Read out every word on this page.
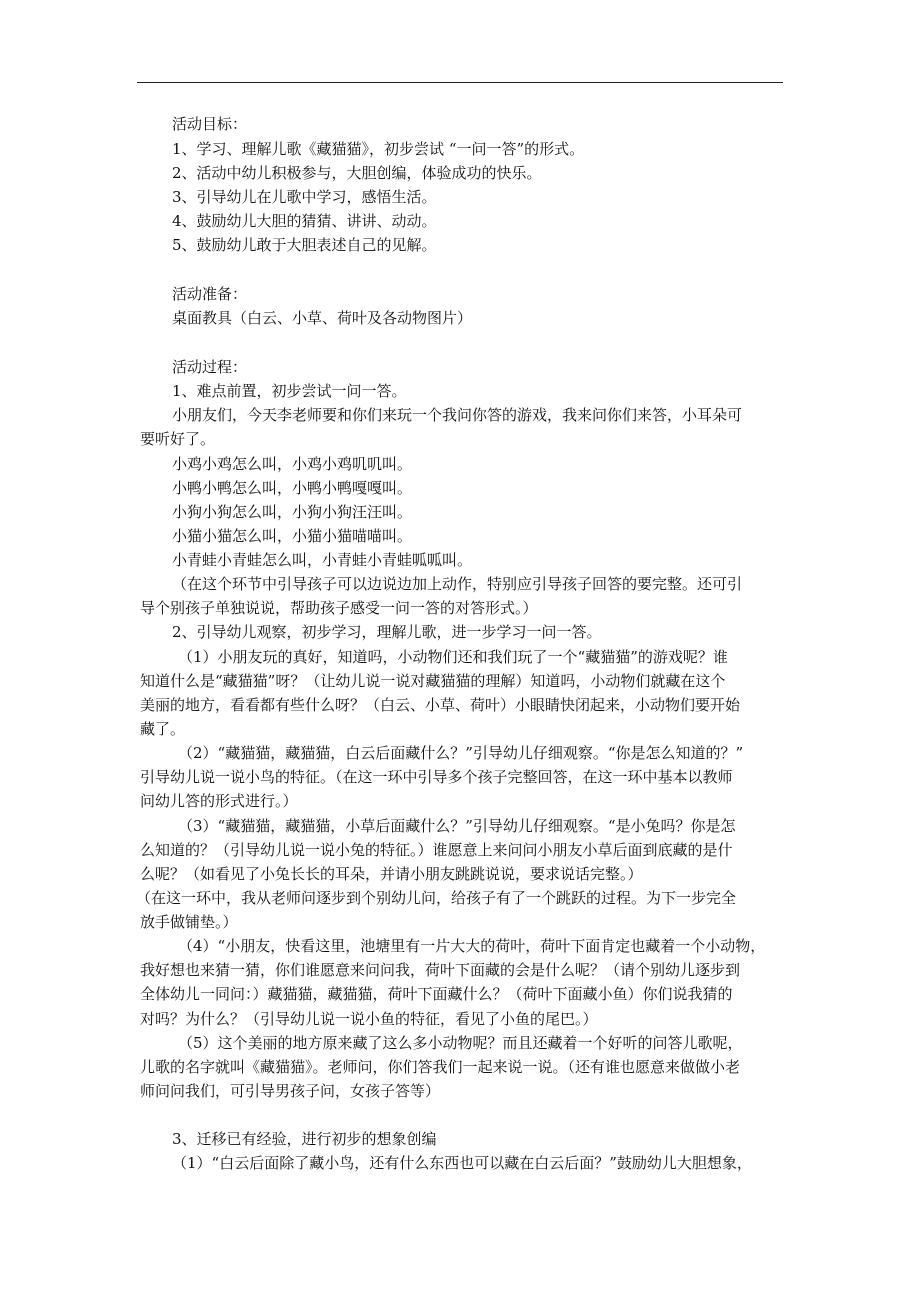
活动目标：
1、学习、理解儿歌《藏猫猫》，初步尝试 “一问一答”的形式。
2、活动中幼儿积极参与，大胆创编，体验成功的快乐。
3、引导幼儿在儿歌中学习，感悟生活。
4、鼓励幼儿大胆的猜猜、讲讲、动动。
5、鼓励幼儿敢于大胆表述自己的见解。
活动准备：
桌面教具（白云、小草、荷叶及各动物图片）
活动过程：
1、难点前置，初步尝试一问一答。
小朋友们，今天李老师要和你们来玩一个我问你答的游戏，我来问你们来答，小耳朵可
要听好了。
小鸡小鸡怎么叫，小鸡小鸡叽叽叫。
小鸭小鸭怎么叫，小鸭小鸭嘎嘎叫。
小狗小狗怎么叫，小狗小狗汪汪叫。
小猫小猫怎么叫，小猫小猫喵喵叫。
小青蛙小青蛙怎么叫，小青蛙小青蛙呱呱叫。
（在这个环节中引导孩子可以边说边加上动作，特别应引导孩子回答的要完整。还可引
导个别孩子单独说说，帮助孩子感受一问一答的对答形式。）
2、引导幼儿观察，初步学习，理解儿歌，进一步学习一问一答。
（1）小朋友玩的真好，知道吗，小动物们还和我们玩了一个“藏猫猫”的游戏呢？谁
知道什么是“藏猫猫”呀？（让幼儿说一说对藏猫猫的理解）知道吗，小动物们就藏在这个
美丽的地方，看看都有些什么呀？（白云、小草、荷叶）小眼睛快闭起来，小动物们要开始
藏了。
（2）“藏猫猫，藏猫猫，白云后面藏什么？”引导幼儿仔细观察。“你是怎么知道的？”
引导幼儿说一说小鸟的特征。（在这一环中引导多个孩子完整回答，在这一环中基本以教师
问幼儿答的形式进行。）
（3）“藏猫猫，藏猫猫，小草后面藏什么？”引导幼儿仔细观察。“是小兔吗？你是怎
么知道的？（引导幼儿说一说小兔的特征。）谁愿意上来问问小朋友小草后面到底藏的是什
么呢？（如看见了小兔长长的耳朵，并请小朋友跳跳说说，要求说话完整。）
（在这一环中，我从老师问逐步到个别幼儿问，给孩子有了一个跳跃的过程。为下一步完全
放手做铺垫。）
（4）“小朋友，快看这里，池塘里有一片大大的荷叶，荷叶下面肯定也藏着一个小动物，
我好想也来猜一猜，你们谁愿意来问问我，荷叶下面藏的会是什么呢？（请个别幼儿逐步到
全体幼儿一同问：）藏猫猫，藏猫猫，荷叶下面藏什么？（荷叶下面藏小鱼）你们说我猜的
对吗？为什么？（引导幼儿说一说小鱼的特征，看见了小鱼的尾巴。）
（5）这个美丽的地方原来藏了这么多小动物呢？而且还藏着一个好听的问答儿歌呢，
儿歌的名字就叫《藏猫猫》。老师问，你们答我们一起来说一说。（还有谁也愿意来做做小老
师问问我们，可引导男孩子问，女孩子答等）
3、迁移已有经验，进行初步的想象创编
（1）“白云后面除了藏小鸟，还有什么东西也可以藏在白云后面？”鼓励幼儿大胆想象，
